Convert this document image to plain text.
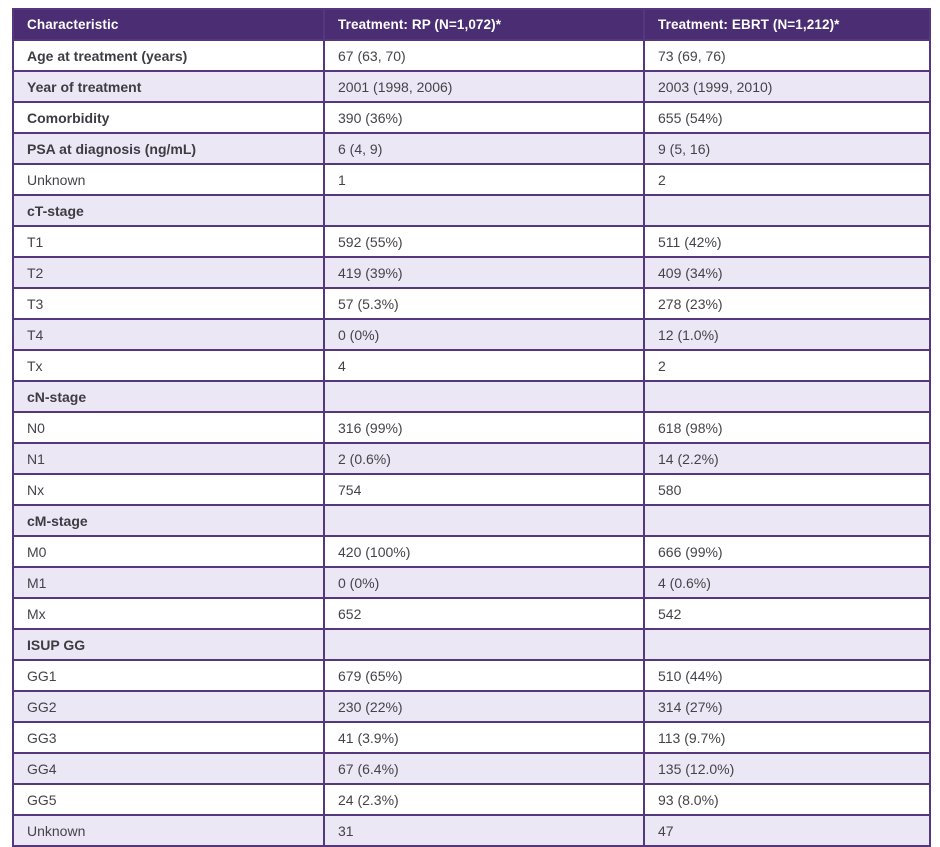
Characteristic	Treatment: RP (N=1,072)*	Treatment: EBRT (N=1,212)*
Age at treatment (years)	67 (63, 70)	73 (69, 76)
Year of treatment	2001 (1998, 2006)	2003 (1999, 2010)
Comorbidity	390 (36%)	655 (54%)
PSA at diagnosis (ng/mL)	6 (4, 9)	9 (5, 16)
Unknown	1	2
cT-stage		
T1	592 (55%)	511 (42%)
T2	419 (39%)	409 (34%)
T3	57 (5.3%)	278 (23%)
T4	0 (0%)	12 (1.0%)
Tx	4	2
cN-stage		
N0	316 (99%)	618 (98%)
N1	2 (0.6%)	14 (2.2%)
Nx	754	580
cM-stage		
M0	420 (100%)	666 (99%)
M1	0 (0%)	4 (0.6%)
Mx	652	542
ISUP GG		
GG1	679 (65%)	510 (44%)
GG2	230 (22%)	314 (27%)
GG3	41 (3.9%)	113 (9.7%)
GG4	67 (6.4%)	135 (12.0%)
GG5	24 (2.3%)	93 (8.0%)
Unknown	31	47
